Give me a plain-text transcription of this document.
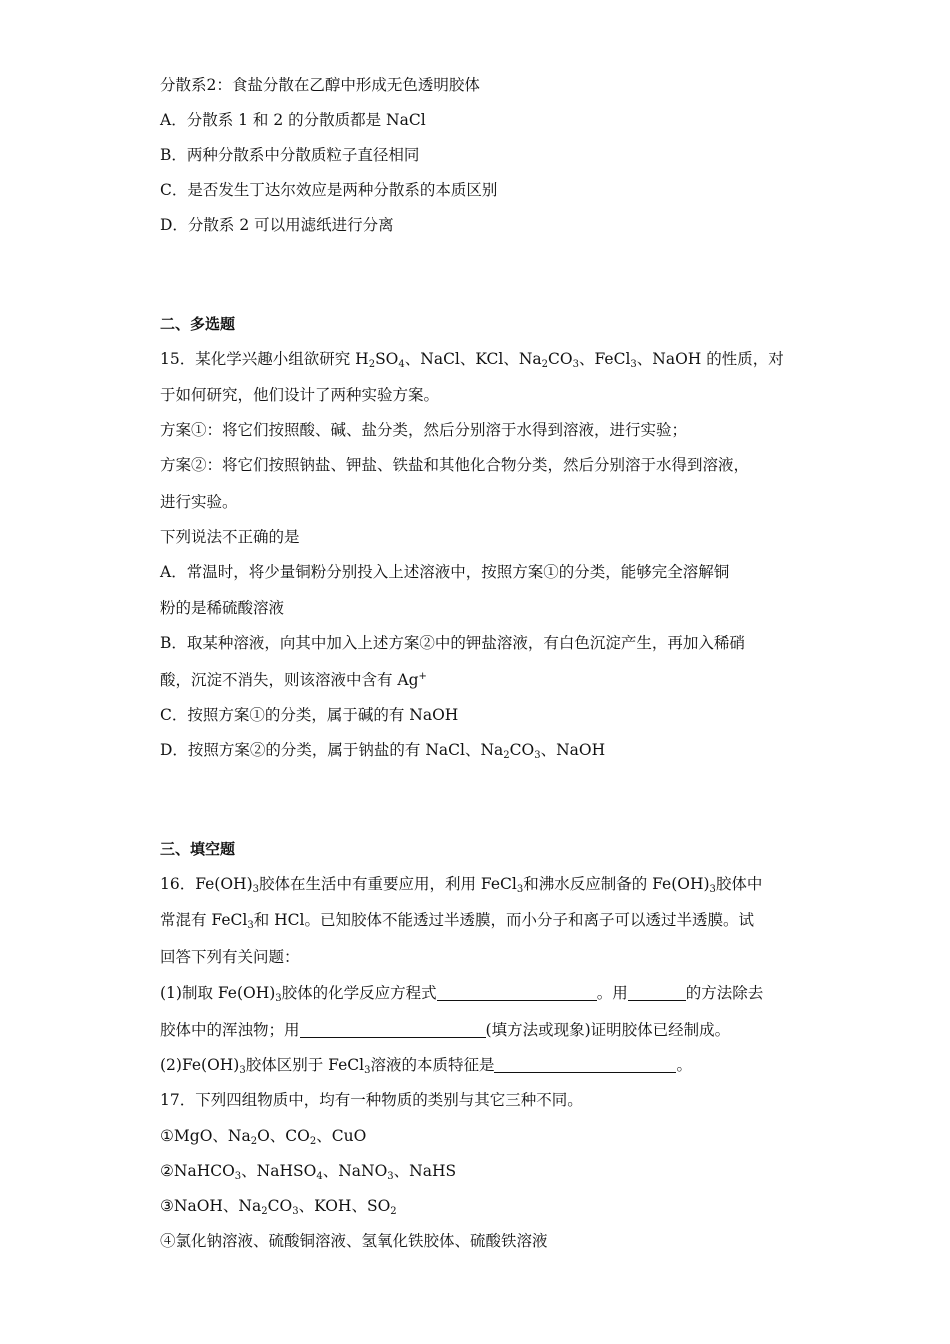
分散系2：食盐分散在乙醇中形成无色透明胶体
A．分散系 1 和 2 的分散质都是 NaCl
B．两种分散系中分散质粒子直径相同
C．是否发生丁达尔效应是两种分散系的本质区别
D．分散系 2 可以用滤纸进行分离
二、多选题
15．某化学兴趣小组欲研究 $H_2SO_4$、NaCl、KCl、$Na_2CO_3$、FeCl$_3$、NaOH 的性质，对
于如何研究，他们设计了两种实验方案。
方案①：将它们按照酸、碱、盐分类，然后分别溶于水得到溶液，进行实验；
方案②：将它们按照钠盐、钾盐、铁盐和其他化合物分类，然后分别溶于水得到溶液，
进行实验。
下列说法不正确的是
A．常温时，将少量铜粉分别投入上述溶液中，按照方案①的分类，能够完全溶解铜
粉的是稀硫酸溶液
B．取某种溶液，向其中加入上述方案②中的钾盐溶液，有白色沉淀产生，再加入稀硝
酸，沉淀不消失，则该溶液中含有 Ag+
C．按照方案①的分类，属于碱的有 NaOH
D．按照方案②的分类，属于钠盐的有 NaCl、$Na_2CO_3$、NaOH
三、填空题
16．$Fe(OH)_3$胶体在生活中有重要应用，利用 FeCl$_3$和沸水反应制备的 $Fe(OH)_3$胶体中
常混有 FeCl$_3$和 HCl。已知胶体不能透过半透膜，而小分子和离子可以透过半透膜。试
回答下列有关问题：
(1)制取 $Fe(OH)_3$胶体的化学反应方程式	。用	的方法除去
胶体中的浑浊物；用	(填方法或现象)证明胶体已经制成。
$(2)Fe(OH)_3$胶体区别于 FeCl$_3$溶液的本质特征是	。
17．下列四组物质中，均有一种物质的类别与其它三种不同。
①MgO、$Na_2O$、$CO_2$、CuO
②NaHCO$_3$、NaHSO$_4$、NaNO$_3$、NaHS
③NaOH、$Na_2CO_3$、KOH、$SO_2$
④氯化钠溶液、硫酸铜溶液、氢氧化铁胶体、硫酸铁溶液
